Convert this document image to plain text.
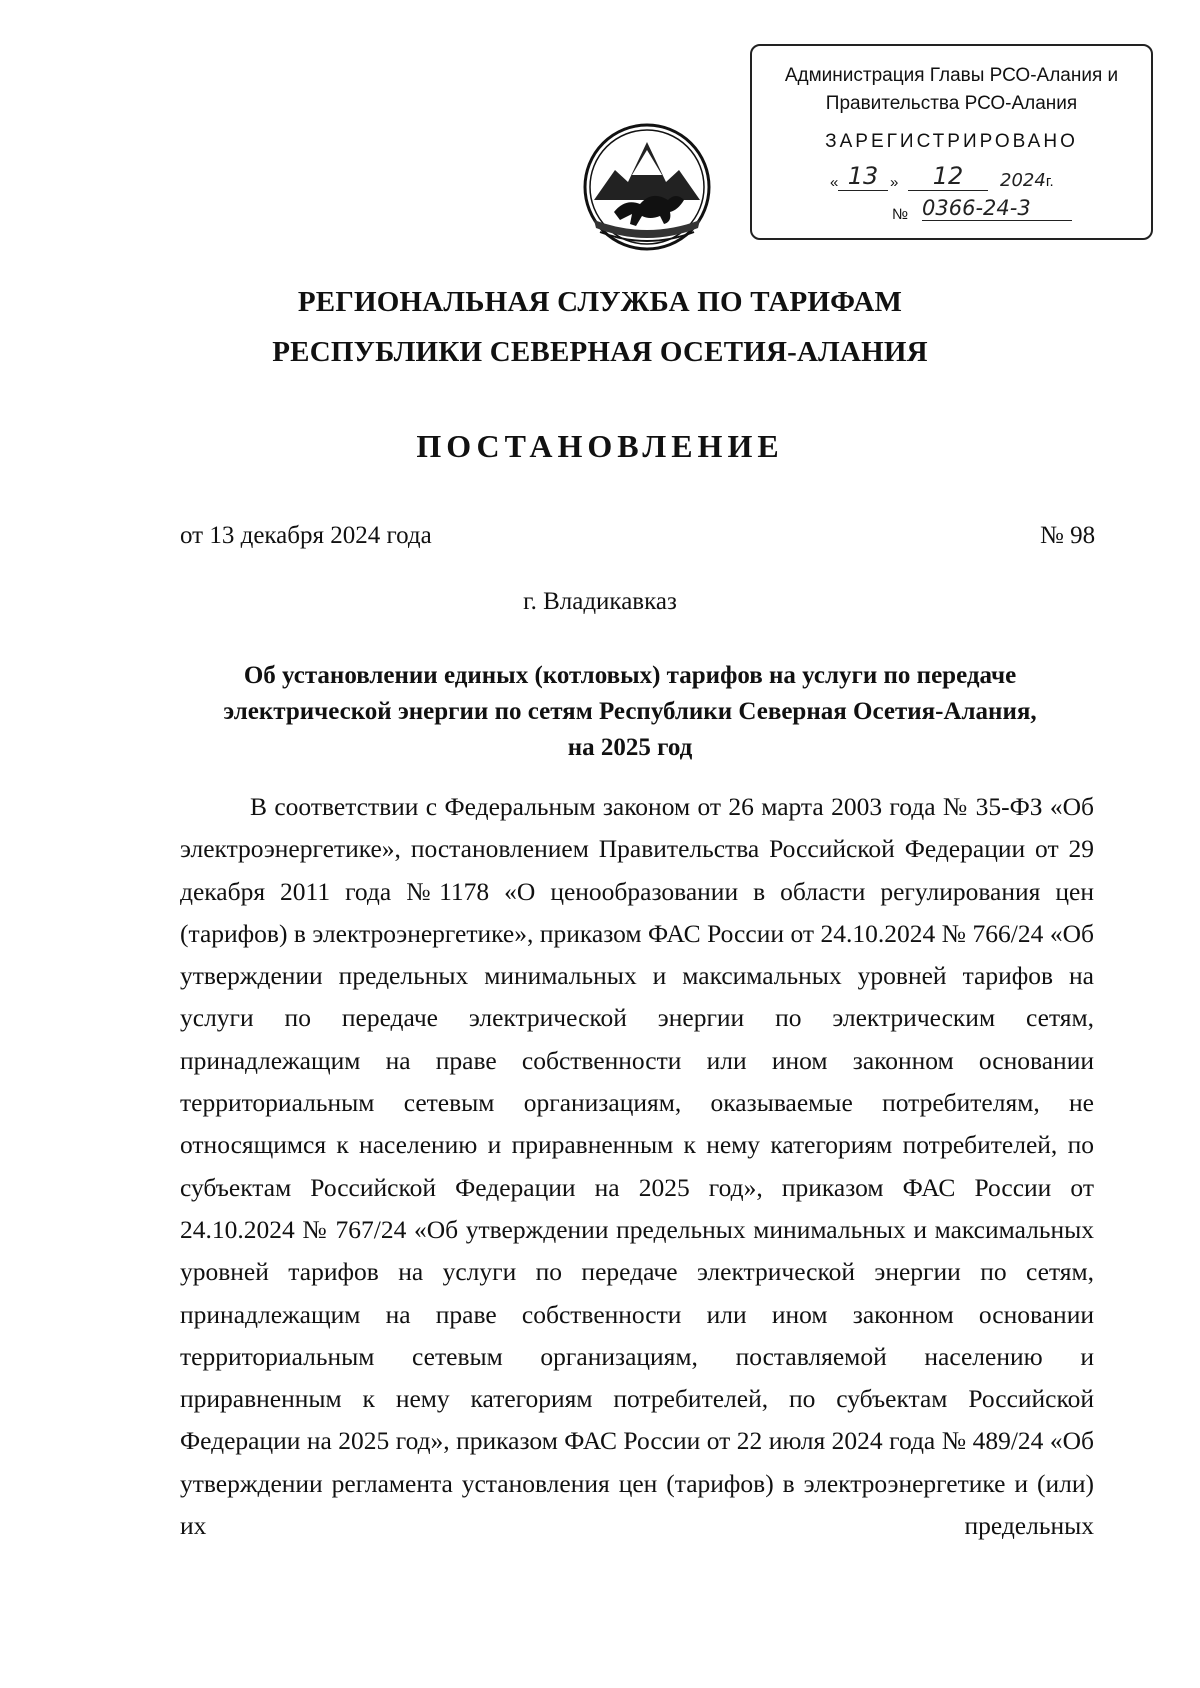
Администрация Главы РСО-Алания и
Правительства РСО-Алания
ЗАРЕГИСТРИРОВАНО
« 13 »	12	2024г.
№ 0366-24-3
РЕГИОНАЛЬНАЯ СЛУЖБА ПО ТАРИФАМ
РЕСПУБЛИКИ СЕВЕРНАЯ ОСЕТИЯ-АЛАНИЯ
ПОСТАНОВЛЕНИЕ
от 13 декабря 2024 года	№ 98
г. Владикавказ
Об установлении единых (котловых) тарифов на услуги по передаче
электрической энергии по сетям Республики Северная Осетия-Алания,
на 2025 год

В соответствии с Федеральным законом от 26 марта 2003 года № 35-ФЗ «Об электроэнергетике», постановлением Правительства Российской Федерации от 29 декабря 2011 года №1178 «О ценообразовании в области регулирования цен (тарифов) в электроэнергетике», приказом ФАС России от 24.10.2024 № 766/24 «Об утверждении предельных минимальных и максимальных уровней тарифов на услуги по передаче электрической энергии по электрическим сетям, принадлежащим на праве собственности или ином законном основании территориальным сетевым организациям, оказываемые потребителям, не относящимся к населению и приравненным к нему категориям потребителей, по субъектам Российской Федерации на 2025 год», приказом ФАС России от 24.10.2024 № 767/24 «Об утверждении предельных минимальных и максимальных уровней тарифов на услуги по передаче электрической энергии по сетям, принадлежащим на праве собственности или ином законном основании территориальным сетевым организациям, поставляемой населению и приравненным к нему категориям потребителей, по субъектам Российской Федерации на 2025 год», приказом ФАС России от 22 июля 2024 года № 489/24 «Об утверждении регламента установления цен (тарифов) в электроэнергетике и (или) их предельных
